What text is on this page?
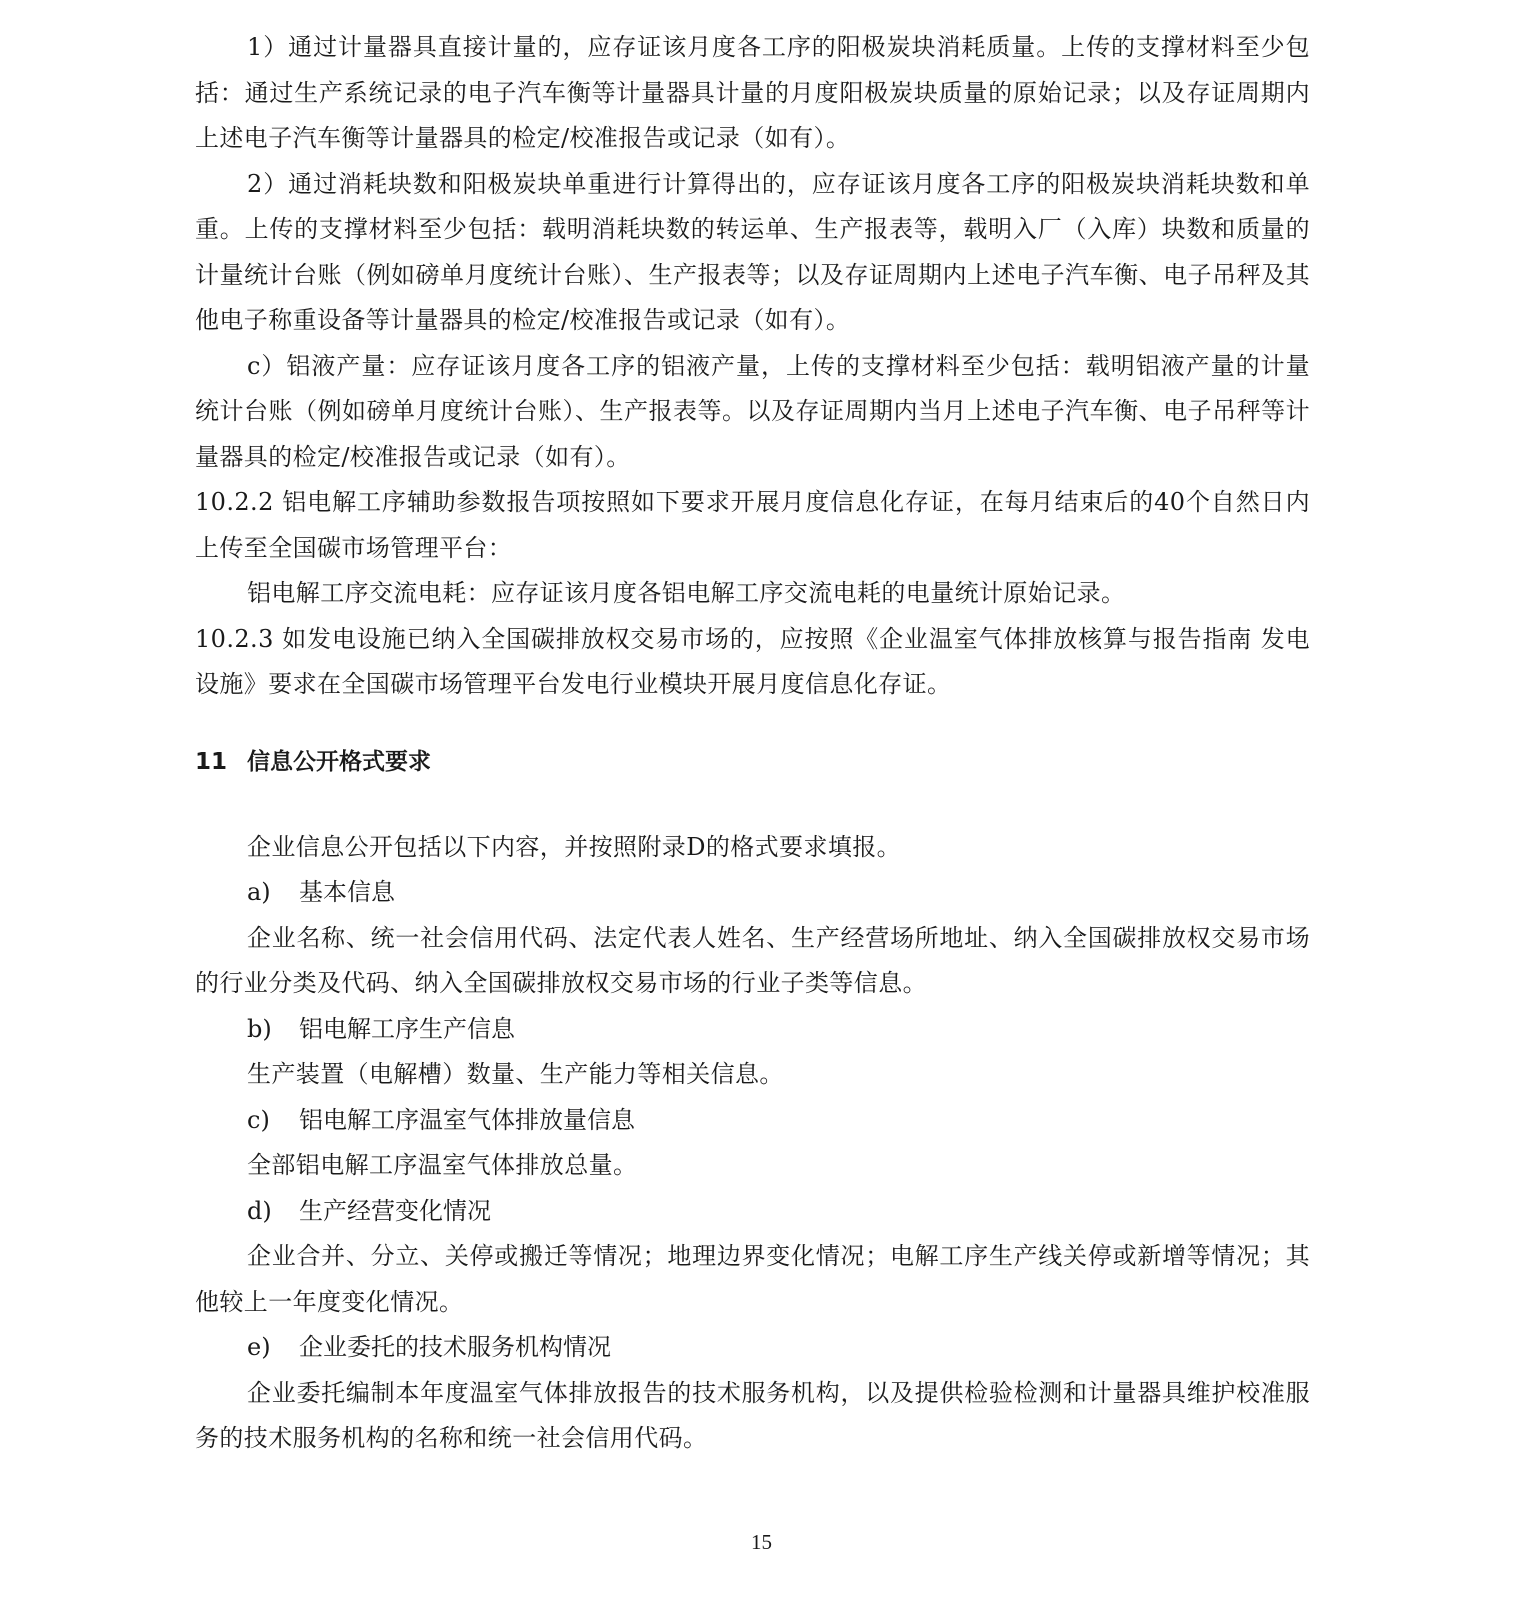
1）通过计量器具直接计量的，应存证该月度各工序的阳极炭块消耗质量。上传的支撑材料至少包括：通过生产系统记录的电子汽车衡等计量器具计量的月度阳极炭块质量的原始记录；以及存证周期内上述电子汽车衡等计量器具的检定/校准报告或记录（如有）。

2）通过消耗块数和阳极炭块单重进行计算得出的，应存证该月度各工序的阳极炭块消耗块数和单重。上传的支撑材料至少包括：载明消耗块数的转运单、生产报表等，载明入厂（入库）块数和质量的计量统计台账（例如磅单月度统计台账）、生产报表等；以及存证周期内上述电子汽车衡、电子吊秤及其他电子称重设备等计量器具的检定/校准报告或记录（如有）。

c）铝液产量：应存证该月度各工序的铝液产量，上传的支撑材料至少包括：载明铝液产量的计量统计台账（例如磅单月度统计台账）、生产报表等。以及存证周期内当月上述电子汽车衡、电子吊秤等计量器具的检定/校准报告或记录（如有）。

10.2.2 铝电解工序辅助参数报告项按照如下要求开展月度信息化存证，在每月结束后的40个自然日内上传至全国碳市场管理平台：

铝电解工序交流电耗：应存证该月度各铝电解工序交流电耗的电量统计原始记录。

10.2.3 如发电设施已纳入全国碳排放权交易市场的，应按照《企业温室气体排放核算与报告指南 发电设施》要求在全国碳市场管理平台发电行业模块开展月度信息化存证。

11 信息公开格式要求

企业信息公开包括以下内容，并按照附录D的格式要求填报。

a) 基本信息

企业名称、统一社会信用代码、法定代表人姓名、生产经营场所地址、纳入全国碳排放权交易市场的行业分类及代码、纳入全国碳排放权交易市场的行业子类等信息。

b) 铝电解工序生产信息

生产装置（电解槽）数量、生产能力等相关信息。

c) 铝电解工序温室气体排放量信息

全部铝电解工序温室气体排放总量。

d) 生产经营变化情况

企业合并、分立、关停或搬迁等情况；地理边界变化情况；电解工序生产线关停或新增等情况；其他较上一年度变化情况。

e) 企业委托的技术服务机构情况

企业委托编制本年度温室气体排放报告的技术服务机构，以及提供检验检测和计量器具维护校准服务的技术服务机构的名称和统一社会信用代码。

15
